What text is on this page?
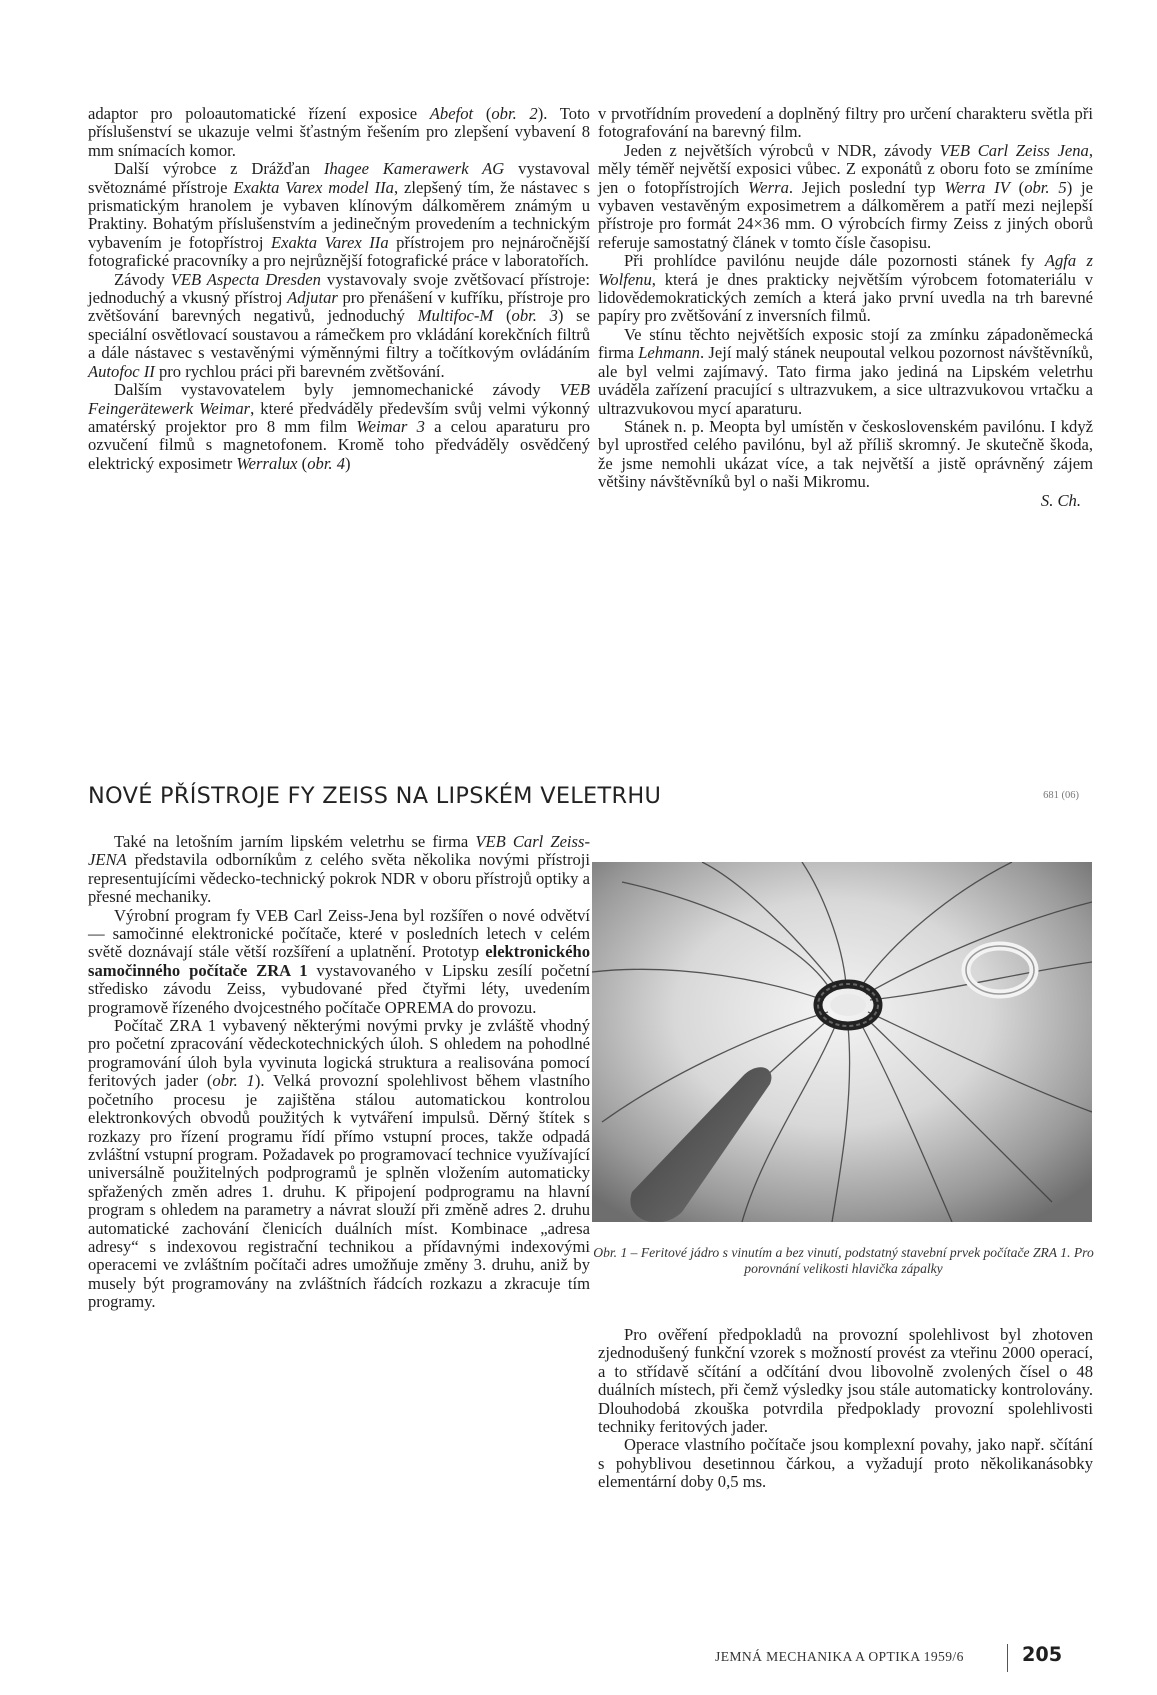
adaptor pro poloautomatické řízení exposice Abefot (obr. 2). Toto příslušenství se ukazuje velmi šťastným řešením pro zlepšení vybavení 8 mm snímacích komor.

Další výrobce z Drážďan Ihagee Kamerawerk AG vystavoval světoznámé přístroje Exakta Varex model IIa, zlepšený tím, že nástavec s prismatickým hranolem je vybaven klínovým dálkoměrem známým u Praktiny. Bohatým příslušenstvím a jedinečným provedením a technickým vybavením je fotopřístroj Exakta Varex IIa přístrojem pro nejnáročnější fotografické pracovníky a pro nejrůznější fotografické práce v laboratořích.

Závody VEB Aspecta Dresden vystavovaly svoje zvětšovací přístroje: jednoduchý a vkusný přístroj Adjutar pro přenášení v kufříku, přístroje pro zvětšování barevných negativů, jednoduchý Multifoc-M (obr. 3) se speciální osvětlovací soustavou a rámečkem pro vkládání korekčních filtrů a dále nástavec s vestavěnými výměnnými filtry a točítkovým ovládáním Autofoc II pro rychlou práci při barevném zvětšování.

Dalším vystavovatelem byly jemnomechanické závody VEB Feingerätewerk Weimar, které předváděly především svůj velmi výkonný amatérský projektor pro 8 mm film Weimar 3 a celou aparaturu pro ozvučení filmů s magnetofonem. Kromě toho předváděly osvědčený elektrický exposimetr Werralux (obr. 4)

v prvotřídním provedení a doplněný filtry pro určení charakteru světla při fotografování na barevný film.

Jeden z největších výrobců v NDR, závody VEB Carl Zeiss Jena, měly téměř největší exposici vůbec. Z exponátů z oboru foto se zmíníme jen o fotopřístrojích Werra. Jejich poslední typ Werra IV (obr. 5) je vybaven vestavěným exposimetrem a dálkoměrem a patří mezi nejlepší přístroje pro formát 24×36 mm. O výrobcích firmy Zeiss z jiných oborů referuje samostatný článek v tomto čísle časopisu.

Při prohlídce pavilónu neujde dále pozornosti stánek fy Agfa z Wolfenu, která je dnes prakticky největším výrobcem fotomateriálu v lidovědemokratických zemích a která jako první uvedla na trh barevné papíry pro zvětšování z inversních filmů.

Ve stínu těchto největších exposic stojí za zmínku západoněmecká firma Lehmann. Její malý stánek neupoutal velkou pozornost návštěvníků, ale byl velmi zajímavý. Tato firma jako jediná na Lipském veletrhu uváděla zařízení pracující s ultrazvukem, a sice ultrazvukovou vrtačku a ultrazvukovou mycí aparaturu.

Stánek n. p. Meopta byl umístěn v československém pavilónu. I když byl uprostřed celého pavilónu, byl až příliš skromný. Je skutečně škoda, že jsme nemohli ukázat více, a tak největší a jistě oprávněný zájem většiny návštěvníků byl o naši Mikromu.

S. Ch.

NOVÉ PŘÍSTROJE FY ZEISS NA LIPSKÉM VELETRHU	681 (06)

Také na letošním jarním lipském veletrhu se firma VEB Carl Zeiss-JENA představila odborníkům z celého světa několika novými přístroji representujícími vědecko-technický pokrok NDR v oboru přístrojů optiky a přesné mechaniky.

Výrobní program fy VEB Carl Zeiss-Jena byl rozšířen o nové odvětví — samočinné elektronické počítače, které v posledních letech v celém světě doznávají stále větší rozšíření a uplatnění. Prototyp elektronického samočinného počítače ZRA 1 vystavovaného v Lipsku zesílí početní středisko závodu Zeiss, vybudované před čtyřmi léty, uvedením programově řízeného dvojcestného počítače OPREMA do provozu.

Počítač ZRA 1 vybavený některými novými prvky je zvláště vhodný pro početní zpracování vědeckotechnických úloh. S ohledem na pohodlné programování úloh byla vyvinuta logická struktura a realisována pomocí feritových jader (obr. 1). Velká provozní spolehlivost během vlastního početního procesu je zajištěna stálou automatickou kontrolou elektronkových obvodů použitých k vytváření impulsů. Děrný štítek s rozkazy pro řízení programu řídí přímo vstupní proces, takže odpadá zvláštní vstupní program. Požadavek po programovací technice využívající universálně použitelných podprogramů je splněn vložením automaticky spřažených změn adres 1. druhu. K připojení podprogramu na hlavní program s ohledem na parametry a návrat slouží při změně adres 2. druhu automatické zachování členicích duálních míst. Kombinace „adresa adresy“ s indexovou registrační technikou a přídavnými indexovými operacemi ve zvláštním počítači adres umožňuje změny 3. druhu, aniž by musely být programovány na zvláštních řádcích rozkazu a zkracuje tím programy.

Obr. 1 – Feritové jádro s vinutím a bez vinutí, podstatný stavební prvek počítače ZRA 1. Pro porovnání velikosti hlavička zápalky

Pro ověření předpokladů na provozní spolehlivost byl zhotoven zjednodušený funkční vzorek s možností provést za vteřinu 2000 operací, a to střídavě sčítání a odčítání dvou libovolně zvolených čísel o 48 duálních místech, při čemž výsledky jsou stále automaticky kontrolovány. Dlouhodobá zkouška potvrdila předpoklady provozní spolehlivosti techniky feritových jader.

Operace vlastního počítače jsou komplexní povahy, jako např. sčítání s pohyblivou desetinnou čárkou, a vyžadují proto několikanásobky elementární doby 0,5 ms.

JEMNÁ MECHANIKA A OPTIKA 1959/6	205
